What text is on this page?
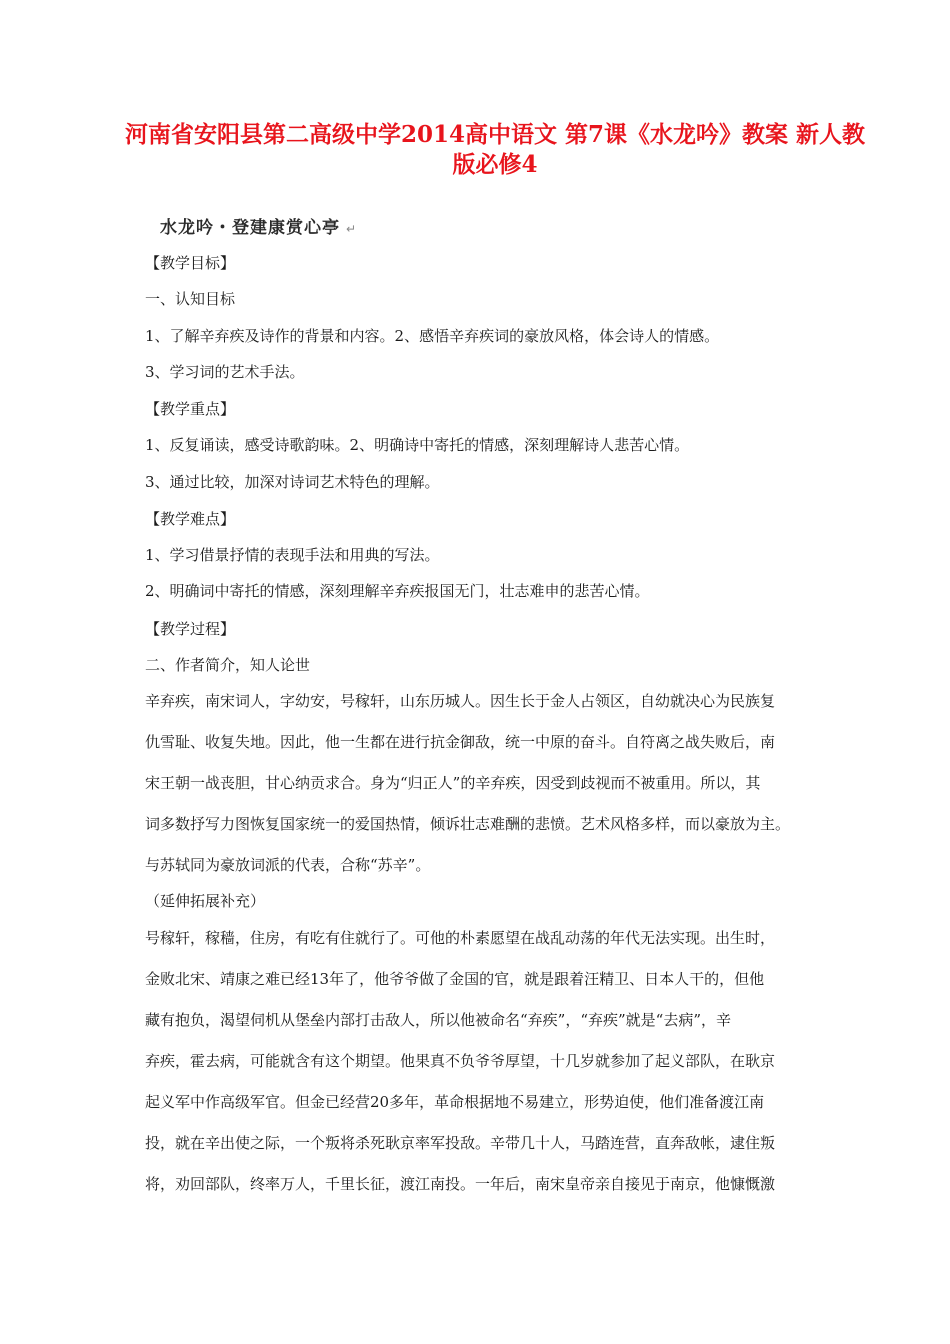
河南省安阳县第二高级中学2014高中语文 第7课《水龙吟》教案 新人教版必修4
水龙吟・登建康赏心亭 ↵
【教学目标】
一、认知目标
1、了解辛弃疾及诗作的背景和内容。2、感悟辛弃疾词的豪放风格，体会诗人的情感。
3、学习词的艺术手法。
【教学重点】
1、反复诵读，感受诗歌韵味。2、明确诗中寄托的情感，深刻理解诗人悲苦心情。
3、通过比较，加深对诗词艺术特色的理解。
【教学难点】
1、学习借景抒情的表现手法和用典的写法。
2、明确词中寄托的情感，深刻理解辛弃疾报国无门，壮志难申的悲苦心情。
【教学过程】
二、作者简介，知人论世
辛弃疾，南宋词人，字幼安，号稼轩，山东历城人。因生长于金人占领区，自幼就决心为民族复
仇雪耻、收复失地。因此，他一生都在进行抗金御敌，统一中原的奋斗。自符离之战失败后，南
宋王朝一战丧胆，甘心纳贡求合。身为“归正人”的辛弃疾，因受到歧视而不被重用。所以，其
词多数抒写力图恢复国家统一的爱国热情，倾诉壮志难酬的悲愤。艺术风格多样，而以豪放为主。
与苏轼同为豪放词派的代表，合称“苏辛”。
（延伸拓展补充）
号稼轩，稼穑，住房，有吃有住就行了。可他的朴素愿望在战乱动荡的年代无法实现。出生时，
金败北宋、靖康之难已经13年了，他爷爷做了金国的官，就是跟着汪精卫、日本人干的，但他
藏有抱负，渴望伺机从堡垒内部打击敌人，所以他被命名“弃疾”，“弃疾”就是“去病”，辛
弃疾，霍去病，可能就含有这个期望。他果真不负爷爷厚望，十几岁就参加了起义部队，在耿京
起义军中作高级军官。但金已经营20多年，革命根据地不易建立，形势迫使，他们准备渡江南
投，就在辛出使之际，一个叛将杀死耿京率军投敌。辛带几十人，马踏连营，直奔敌帐，逮住叛
将，劝回部队，终率万人，千里长征，渡江南投。一年后，南宋皇帝亲自接见于南京，他慷慨激
